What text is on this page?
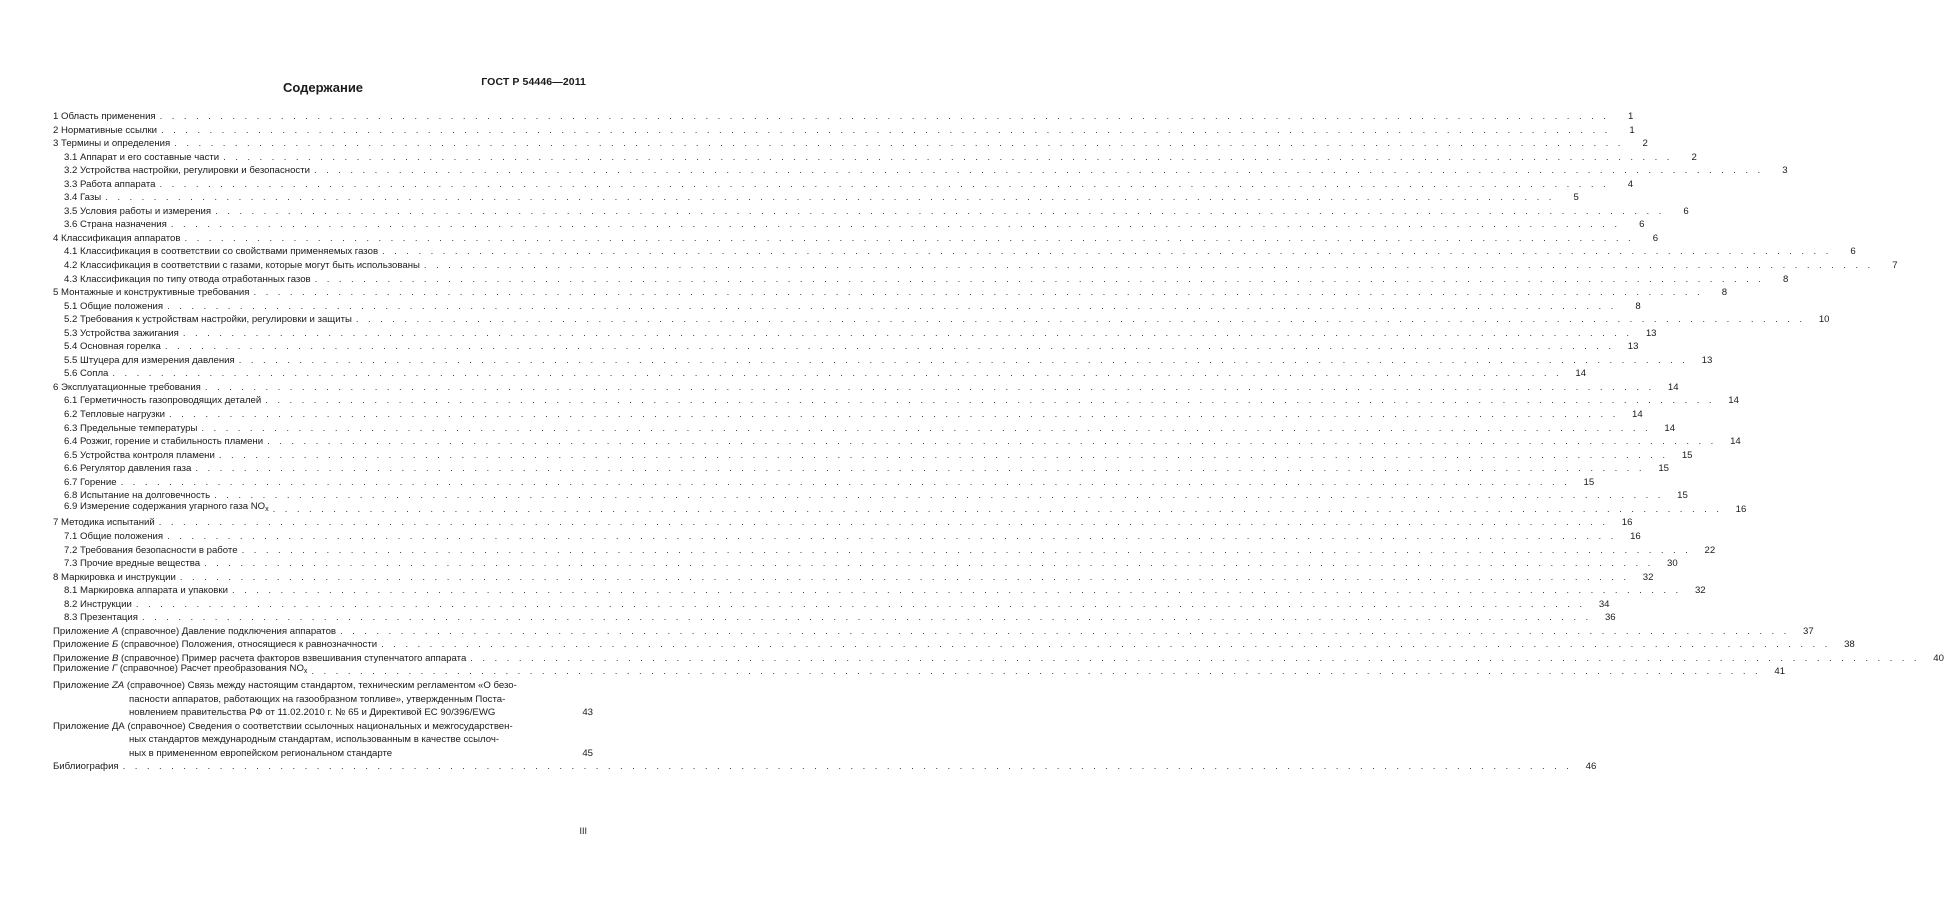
ГОСТ Р 54446—2011
Содержание
1 Область применения . . . . . . . . . . . . . . . . . . . . . . . . . . . . . . . . . . . . . . . . . . . . . . . . . . . . . . . . . . . . . . . . . . . . . . . . . . . . . . . . . . . . . . . . . . . . . . . . . . . . . . . . . . . . . . . . . . . . . . . .	1
2 Нормативные ссылки . . . . . . . . . . . . . . . . . . . . . . . . . . . . . . . . . . . . . . . . . . . . . . . . . . . . . . . . . . . . . . . . . . . . . . . . . . . . . . . . . . . . . . . . . . . . . . . . . . . . . . . . . . . . . . . . . . . . . . . .	1
3 Термины и определения . . . . . . . . . . . . . . . . . . . . . . . . . . . . . . . . . . . . . . . . . . . . . . . . . . . . . . . . . . . . . . . . . . . . . . . . . . . . . . . . . . . . . . . . . . . . . . . . . . . . . . . . . . . . . . . . . . . . . . . .	2
3.1 Аппарат и его составные части . . . . . . . . . . . . . . . . . . . . . . . . . . . . . . . . . . . . . . . . . . . . . . . . . . . . . . . . . . . . . . . . . . . . . . . . . . . . . . . . . . . . . . . . . . . . . . . . . . . . . . . . . . . . . . . . . . . . . . . .	2
3.2 Устройства настройки, регулировки и безопасности . . . . . . . . . . . . . . . . . . . . . . . . . . . . . . . . . . . . . . . . . . . . . . . . . . . . . . . . . . . . . . . . . . . . . . . . . . . . . . . . . . . . . . . . . . . . . . . . . . . . . . . . . . . . . . . . . . . . . . . .	3
3.3 Работа аппарата . . . . . . . . . . . . . . . . . . . . . . . . . . . . . . . . . . . . . . . . . . . . . . . . . . . . . . . . . . . . . . . . . . . . . . . . . . . . . . . . . . . . . . . . . . . . . . . . . . . . . . . . . . . . . . . . . . . . . . . .	4
3.4 Газы . . . . . . . . . . . . . . . . . . . . . . . . . . . . . . . . . . . . . . . . . . . . . . . . . . . . . . . . . . . . . . . . . . . . . . . . . . . . . . . . . . . . . . . . . . . . . . . . . . . . . . . . . . . . . . . . . . . . . . . .	5
3.5 Условия работы и измерения . . . . . . . . . . . . . . . . . . . . . . . . . . . . . . . . . . . . . . . . . . . . . . . . . . . . . . . . . . . . . . . . . . . . . . . . . . . . . . . . . . . . . . . . . . . . . . . . . . . . . . . . . . . . . . . . . . . . . . . .	6
3.6 Страна назначения . . . . . . . . . . . . . . . . . . . . . . . . . . . . . . . . . . . . . . . . . . . . . . . . . . . . . . . . . . . . . . . . . . . . . . . . . . . . . . . . . . . . . . . . . . . . . . . . . . . . . . . . . . . . . . . . . . . . . . . .	6
4 Классификация аппаратов . . . . . . . . . . . . . . . . . . . . . . . . . . . . . . . . . . . . . . . . . . . . . . . . . . . . . . . . . . . . . . . . . . . . . . . . . . . . . . . . . . . . . . . . . . . . . . . . . . . . . . . . . . . . . . . . . . . . . . . .	6
4.1 Классификация в соответствии со свойствами применяемых газов . . . . . . . . . . . . . . . . . . . . . . . . . . . . . . . . . . . . . . . . . . . . . . . . . . . . . . . . . . . . . . . . . . . . . . . . . . . . . . . . . . . . . . . . . . . . . . . . . . . . . . . . . . . . . . . . . . . . . . . .	6
4.2 Классификация в соответствии с газами, которые могут быть использованы . . . . . . . . . . . . . . . . . . . . . . . . . . . . . . . . . . . . . . . . . . . . . . . . . . . . . . . . . . . . . . . . . . . . . . . . . . . . . . . . . . . . . . . . . . . . . . . . . . . . . . . . . . . . . . . . . . . . . . . .	7
4.3 Классификация по типу отвода отработанных газов . . . . . . . . . . . . . . . . . . . . . . . . . . . . . . . . . . . . . . . . . . . . . . . . . . . . . . . . . . . . . . . . . . . . . . . . . . . . . . . . . . . . . . . . . . . . . . . . . . . . . . . . . . . . . . . . . . . . . . . .	8
5 Монтажные и конструктивные требования . . . . . . . . . . . . . . . . . . . . . . . . . . . . . . . . . . . . . . . . . . . . . . . . . . . . . . . . . . . . . . . . . . . . . . . . . . . . . . . . . . . . . . . . . . . . . . . . . . . . . . . . . . . . . . . . . . . . . . . .	8
5.1 Общие положения . . . . . . . . . . . . . . . . . . . . . . . . . . . . . . . . . . . . . . . . . . . . . . . . . . . . . . . . . . . . . . . . . . . . . . . . . . . . . . . . . . . . . . . . . . . . . . . . . . . . . . . . . . . . . . . . . . . . . . . .	8
5.2 Требования к устройствам настройки, регулировки и защиты . . . . . . . . . . . . . . . . . . . . . . . . . . . . . . . . . . . . . . . . . . . . . . . . . . . . . . . . . . . . . . . . . . . . . . . . . . . . . . . . . . . . . . . . . . . . . . . . . . . . . . . . . . . . . . . . . . . . . . . .	10
5.3 Устройства зажигания . . . . . . . . . . . . . . . . . . . . . . . . . . . . . . . . . . . . . . . . . . . . . . . . . . . . . . . . . . . . . . . . . . . . . . . . . . . . . . . . . . . . . . . . . . . . . . . . . . . . . . . . . . . . . . . . . . . . . . . .	13
5.4 Основная горелка . . . . . . . . . . . . . . . . . . . . . . . . . . . . . . . . . . . . . . . . . . . . . . . . . . . . . . . . . . . . . . . . . . . . . . . . . . . . . . . . . . . . . . . . . . . . . . . . . . . . . . . . . . . . . . . . . . . . . . . .	13
5.5 Штуцера для измерения давления . . . . . . . . . . . . . . . . . . . . . . . . . . . . . . . . . . . . . . . . . . . . . . . . . . . . . . . . . . . . . . . . . . . . . . . . . . . . . . . . . . . . . . . . . . . . . . . . . . . . . . . . . . . . . . . . . . . . . . . .	13
5.6 Сопла . . . . . . . . . . . . . . . . . . . . . . . . . . . . . . . . . . . . . . . . . . . . . . . . . . . . . . . . . . . . . . . . . . . . . . . . . . . . . . . . . . . . . . . . . . . . . . . . . . . . . . . . . . . . . . . . . . . . . . . .	14
6 Эксплуатационные требования . . . . . . . . . . . . . . . . . . . . . . . . . . . . . . . . . . . . . . . . . . . . . . . . . . . . . . . . . . . . . . . . . . . . . . . . . . . . . . . . . . . . . . . . . . . . . . . . . . . . . . . . . . . . . . . . . . . . . . . .	14
6.1 Герметичность газопроводящих деталей . . . . . . . . . . . . . . . . . . . . . . . . . . . . . . . . . . . . . . . . . . . . . . . . . . . . . . . . . . . . . . . . . . . . . . . . . . . . . . . . . . . . . . . . . . . . . . . . . . . . . . . . . . . . . . . . . . . . . . . .	14
6.2 Тепловые нагрузки . . . . . . . . . . . . . . . . . . . . . . . . . . . . . . . . . . . . . . . . . . . . . . . . . . . . . . . . . . . . . . . . . . . . . . . . . . . . . . . . . . . . . . . . . . . . . . . . . . . . . . . . . . . . . . . . . . . . . . . .	14
6.3 Предельные температуры . . . . . . . . . . . . . . . . . . . . . . . . . . . . . . . . . . . . . . . . . . . . . . . . . . . . . . . . . . . . . . . . . . . . . . . . . . . . . . . . . . . . . . . . . . . . . . . . . . . . . . . . . . . . . . . . . . . . . . . .	14
6.4 Розжиг, горение и стабильность пламени . . . . . . . . . . . . . . . . . . . . . . . . . . . . . . . . . . . . . . . . . . . . . . . . . . . . . . . . . . . . . . . . . . . . . . . . . . . . . . . . . . . . . . . . . . . . . . . . . . . . . . . . . . . . . . . . . . . . . . . .	14
6.5 Устройства контроля пламени . . . . . . . . . . . . . . . . . . . . . . . . . . . . . . . . . . . . . . . . . . . . . . . . . . . . . . . . . . . . . . . . . . . . . . . . . . . . . . . . . . . . . . . . . . . . . . . . . . . . . . . . . . . . . . . . . . . . . . . .	15
6.6 Регулятор давления газа . . . . . . . . . . . . . . . . . . . . . . . . . . . . . . . . . . . . . . . . . . . . . . . . . . . . . . . . . . . . . . . . . . . . . . . . . . . . . . . . . . . . . . . . . . . . . . . . . . . . . . . . . . . . . . . . . . . . . . . .	15
6.7 Горение . . . . . . . . . . . . . . . . . . . . . . . . . . . . . . . . . . . . . . . . . . . . . . . . . . . . . . . . . . . . . . . . . . . . . . . . . . . . . . . . . . . . . . . . . . . . . . . . . . . . . . . . . . . . . . . . . . . . . . . .	15
6.8 Испытание на долговечность . . . . . . . . . . . . . . . . . . . . . . . . . . . . . . . . . . . . . . . . . . . . . . . . . . . . . . . . . . . . . . . . . . . . . . . . . . . . . . . . . . . . . . . . . . . . . . . . . . . . . . . . . . . . . . . . . . . . . . . .	15
6.9 Измерение содержания угарного газа $NO_x$ . . . . . . . . . . . . . . . . . . . . . . . . . . . . . . . . . . . . . . . . . . . . . . . . . . . . . . . . . . . . . . . . . . . . . . . . . . . . . . . . . . . . . . . . . . . . . . . . . . . . . . . . . . . . . . . . . . . . . . . .	16
7 Методика испытаний . . . . . . . . . . . . . . . . . . . . . . . . . . . . . . . . . . . . . . . . . . . . . . . . . . . . . . . . . . . . . . . . . . . . . . . . . . . . . . . . . . . . . . . . . . . . . . . . . . . . . . . . . . . . . . . . . . . . . . . .	16
7.1 Общие положения . . . . . . . . . . . . . . . . . . . . . . . . . . . . . . . . . . . . . . . . . . . . . . . . . . . . . . . . . . . . . . . . . . . . . . . . . . . . . . . . . . . . . . . . . . . . . . . . . . . . . . . . . . . . . . . . . . . . . . . .	16
7.2 Требования безопасности в работе . . . . . . . . . . . . . . . . . . . . . . . . . . . . . . . . . . . . . . . . . . . . . . . . . . . . . . . . . . . . . . . . . . . . . . . . . . . . . . . . . . . . . . . . . . . . . . . . . . . . . . . . . . . . . . . . . . . . . . . .	22
7.3 Прочие вредные вещества . . . . . . . . . . . . . . . . . . . . . . . . . . . . . . . . . . . . . . . . . . . . . . . . . . . . . . . . . . . . . . . . . . . . . . . . . . . . . . . . . . . . . . . . . . . . . . . . . . . . . . . . . . . . . . . . . . . . . . . .	30
8 Маркировка и инструкции . . . . . . . . . . . . . . . . . . . . . . . . . . . . . . . . . . . . . . . . . . . . . . . . . . . . . . . . . . . . . . . . . . . . . . . . . . . . . . . . . . . . . . . . . . . . . . . . . . . . . . . . . . . . . . . . . . . . . . . .	32
8.1 Маркировка аппарата и упаковки . . . . . . . . . . . . . . . . . . . . . . . . . . . . . . . . . . . . . . . . . . . . . . . . . . . . . . . . . . . . . . . . . . . . . . . . . . . . . . . . . . . . . . . . . . . . . . . . . . . . . . . . . . . . . . . . . . . . . . . .	32
8.2 Инструкции . . . . . . . . . . . . . . . . . . . . . . . . . . . . . . . . . . . . . . . . . . . . . . . . . . . . . . . . . . . . . . . . . . . . . . . . . . . . . . . . . . . . . . . . . . . . . . . . . . . . . . . . . . . . . . . . . . . . . . . .	34
8.3 Презентация . . . . . . . . . . . . . . . . . . . . . . . . . . . . . . . . . . . . . . . . . . . . . . . . . . . . . . . . . . . . . . . . . . . . . . . . . . . . . . . . . . . . . . . . . . . . . . . . . . . . . . . . . . . . . . . . . . . . . . . .	36
Приложение А (справочное) Давление подключения аппаратов . . . . . . . . . . . . . . . . . . . . . . . . . . . . . . . . . . . . . . . . . . . . . . . . . . . . . . . . . . . . . . . . . . . . . . . . . . . . . . . . . . . . . . . . . . . . . . . . . . . . . . . . . . . . . . . . . . . . . . . .	37
Приложение Б (справочное) Положения, относящиеся к равнозначности . . . . . . . . . . . . . . . . . . . . . . . . . . . . . . . . . . . . . . . . . . . . . . . . . . . . . . . . . . . . . . . . . . . . . . . . . . . . . . . . . . . . . . . . . . . . . . . . . . . . . . . . . . . . . . . . . . . . . . . .	38
Приложение В (справочное) Пример расчета факторов взвешивания ступенчатого аппарата . . . . . . . . . . . . . . . . . . . . . . . . . . . . . . . . . . . . . . . . . . . . . . . . . . . . . . . . . . . . . . . . . . . . . . . . . . . . . . . . . . . . . . . . . . . . . . . . . . . . . . . . . . . . . . . . . . . . . . . .	40
Приложение Г (справочное) Расчет преобразования $NO_x$ . . . . . . . . . . . . . . . . . . . . . . . . . . . . . . . . . . . . . . . . . . . . . . . . . . . . . . . . . . . . . . . . . . . . . . . . . . . . . . . . . . . . . . . . . . . . . . . . . . . . . . . . . . . . . . . . . . . . . . . .	41
Приложение ZA (справочное) Связь между настоящим стандартом, техническим регламентом «О безо-
пасности аппаратов, работающих на газообразном топливе», утвержденным Поста-
новлением правительства РФ от 11.02.2010 г. № 65 и Директивой ЕС 90/396/EWG	43
Приложение ДА (справочное) Сведения о соответствии ссылочных национальных и межгосударствен-
ных стандартов международным стандартам, использованным в качестве ссылоч-
ных в примененном европейском региональном стандарте	45
Библиография . . . . . . . . . . . . . . . . . . . . . . . . . . . . . . . . . . . . . . . . . . . . . . . . . . . . . . . . . . . . . . . . . . . . . . . . . . . . . . . . . . . . . . . . . . . . . . . . . . . . . . . . . . . . . . . . . . . . . . . .	46
III
